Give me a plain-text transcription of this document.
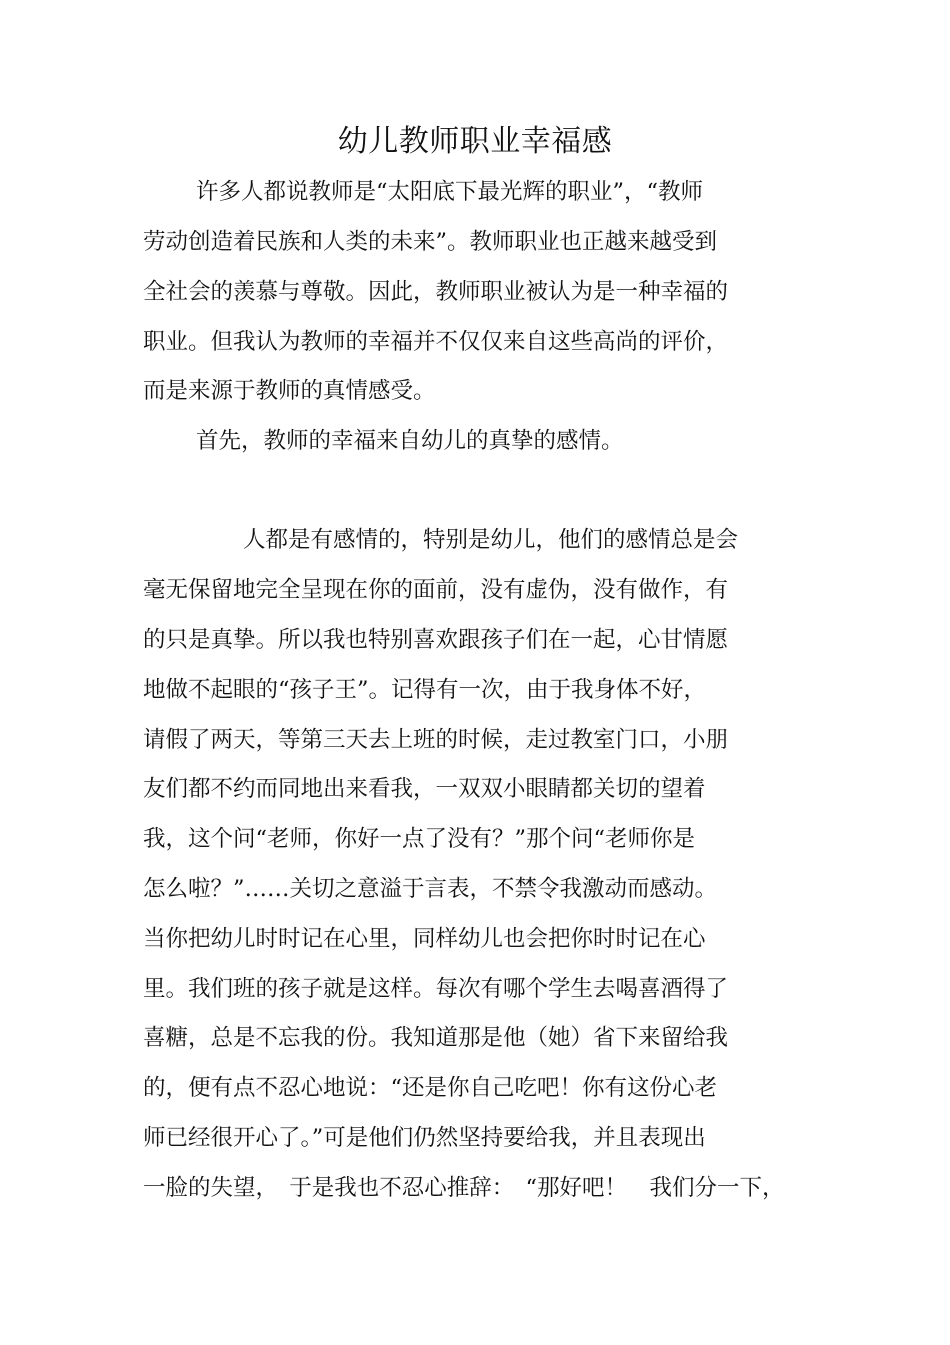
幼儿教师职业幸福感
许多人都说教师是“太阳底下最光辉的职业”，“教师
劳动创造着民族和人类的未来”。教师职业也正越来越受到
全社会的羡慕与尊敬。因此，教师职业被认为是一种幸福的
职业。但我认为教师的幸福并不仅仅来自这些高尚的评价，
而是来源于教师的真情感受。
首先，教师的幸福来自幼儿的真挚的感情。
人都是有感情的，特别是幼儿，他们的感情总是会
毫无保留地完全呈现在你的面前，没有虚伪，没有做作，有
的只是真挚。所以我也特别喜欢跟孩子们在一起，心甘情愿
地做不起眼的“孩子王”。记得有一次，由于我身体不好，
请假了两天，等第三天去上班的时候，走过教室门口，小朋
友们都不约而同地出来看我，一双双小眼睛都关切的望着
我，这个问“老师，你好一点了没有？”那个问“老师你是
怎么啦？”……关切之意溢于言表，不禁令我激动而感动。
当你把幼儿时时记在心里，同样幼儿也会把你时时记在心
里。我们班的孩子就是这样。每次有哪个学生去喝喜酒得了
喜糖，总是不忘我的份。我知道那是他（她）省下来留给我
的，便有点不忍心地说：“还是你自己吃吧！你有这份心老
师已经很开心了。”可是他们仍然坚持要给我，并且表现出
一脸的失望，　于是我也不忍心推辞：　“那好吧！　我们分一下，
